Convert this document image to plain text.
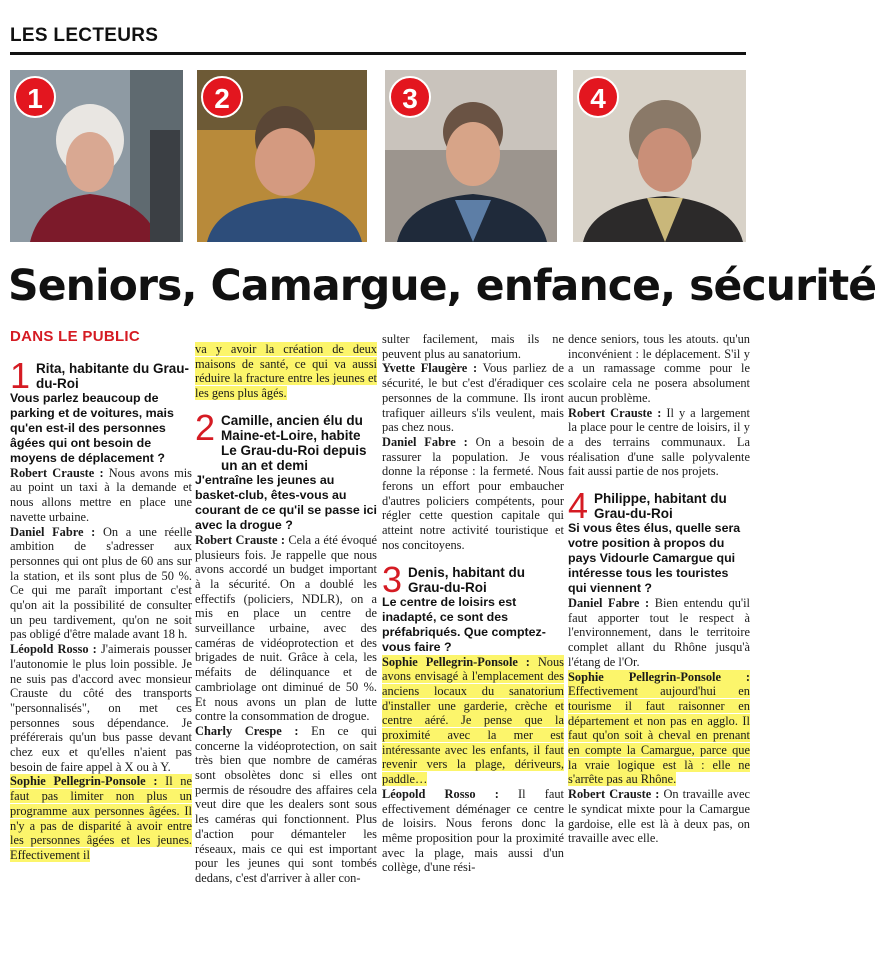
LES LECTEURS
1	2	3	4
Seniors, Camargue, enfance, sécurité
DANS LE PUBLIC
1 Rita, habitante du Grau-du-Roi

Vous parlez beaucoup de parking et de voitures, mais qu'en est-il des personnes âgées qui ont besoin de moyens de déplacement ?

Robert Crauste : Nous avons mis au point un taxi à la demande et nous allons mettre en place une navette urbaine.

Daniel Fabre : On a une réelle ambition de s'adresser aux personnes qui ont plus de 60 ans sur la station, et ils sont plus de 50 %. Ce qui me paraît important c'est qu'on ait la possibilité de consulter un peu tardivement, qu'on ne soit pas obligé d'être malade avant 18 h.

Léopold Rosso : J'aimerais pousser l'autonomie le plus loin possible. Je ne suis pas d'accord avec monsieur Crauste du côté des transports "personnalisés", on met ces personnes sous dépendance. Je préférerais qu'un bus passe devant chez eux et qu'elles n'aient pas besoin de faire appel à X ou à Y.

Sophie Pellegrin-Ponsole : Il ne faut pas limiter non plus un programme aux personnes âgées. Il n'y a pas de disparité à avoir entre les personnes âgées et les jeunes. Effectivement il

va y avoir la création de deux maisons de santé, ce qui va aussi réduire la fracture entre les jeunes et les gens plus âgés.

2 Camille, ancien élu du Maine-et-Loire, habite Le Grau-du-Roi depuis un an et demi

J'entraîne les jeunes au basket-club, êtes-vous au courant de ce qu'il se passe ici avec la drogue ?

Robert Crauste : Cela a été évoqué plusieurs fois. Je rappelle que nous avons accordé un budget important à la sécurité. On a doublé les effectifs (policiers, NDLR), on a mis en place un centre de surveillance urbaine, avec des caméras de vidéoprotection et des brigades de nuit. Grâce à cela, les méfaits de délinquance et de cambriolage ont diminué de 50 %. Et nous avons un plan de lutte contre la consommation de drogue.

Charly Crespe : En ce qui concerne la vidéoprotection, on sait très bien que nombre de caméras sont obsolètes donc si elles ont permis de résoudre des affaires cela veut dire que les dealers sont sous les caméras qui fonctionnent. Plus d'action pour démanteler les réseaux, mais ce qui est important pour les jeunes qui sont tombés dedans, c'est d'arriver à aller con-

sulter facilement, mais ils ne peuvent plus au sanatorium.

Yvette Flaugère : Vous parliez de sécurité, le but c'est d'éradiquer ces personnes de la commune. Ils iront trafiquer ailleurs s'ils veulent, mais pas chez nous.

Daniel Fabre : On a besoin de rassurer la population. Je vous donne la réponse : la fermeté. Nous ferons un effort pour embaucher d'autres policiers compétents, pour régler cette question capitale qui atteint notre activité touristique et nos concitoyens.

3 Denis, habitant du Grau-du-Roi

Le centre de loisirs est inadapté, ce sont des préfabriqués. Que comptez-vous faire ?

Sophie Pellegrin-Ponsole : Nous avons envisagé à l'emplacement des anciens locaux du sanatorium d'installer une garderie, crèche et centre aéré. Je pense que la proximité avec la mer est intéressante avec les enfants, il faut revenir vers la plage, dériveurs, paddle…

Léopold Rosso : Il faut effectivement déménager ce centre de loisirs. Nous ferons donc la même proposition pour la proximité avec la plage, mais aussi d'un collège, d'une rési-

dence seniors, tous les atouts. qu'un inconvénient : le déplacement. S'il y a un ramassage comme pour le scolaire cela ne posera absolument aucun problème.

Robert Crauste : Il y a largement la place pour le centre de loisirs, il y a des terrains communaux. La réalisation d'une salle polyvalente fait aussi partie de nos projets.

4 Philippe, habitant du Grau-du-Roi

Si vous êtes élus, quelle sera votre position à propos du pays Vidourle Camargue qui intéresse tous les touristes qui viennent ?

Daniel Fabre : Bien entendu qu'il faut apporter tout le respect à l'environnement, dans le territoire complet allant du Rhône jusqu'à l'étang de l'Or.

Sophie Pellegrin-Ponsole : Effectivement aujourd'hui en tourisme il faut raisonner en département et non pas en agglo. Il faut qu'on soit à cheval en prenant en compte la Camargue, parce que la vraie logique est là : elle ne s'arrête pas au Rhône.

Robert Crauste : On travaille avec le syndicat mixte pour la Camargue gardoise, elle est là à deux pas, on travaille avec elle.
